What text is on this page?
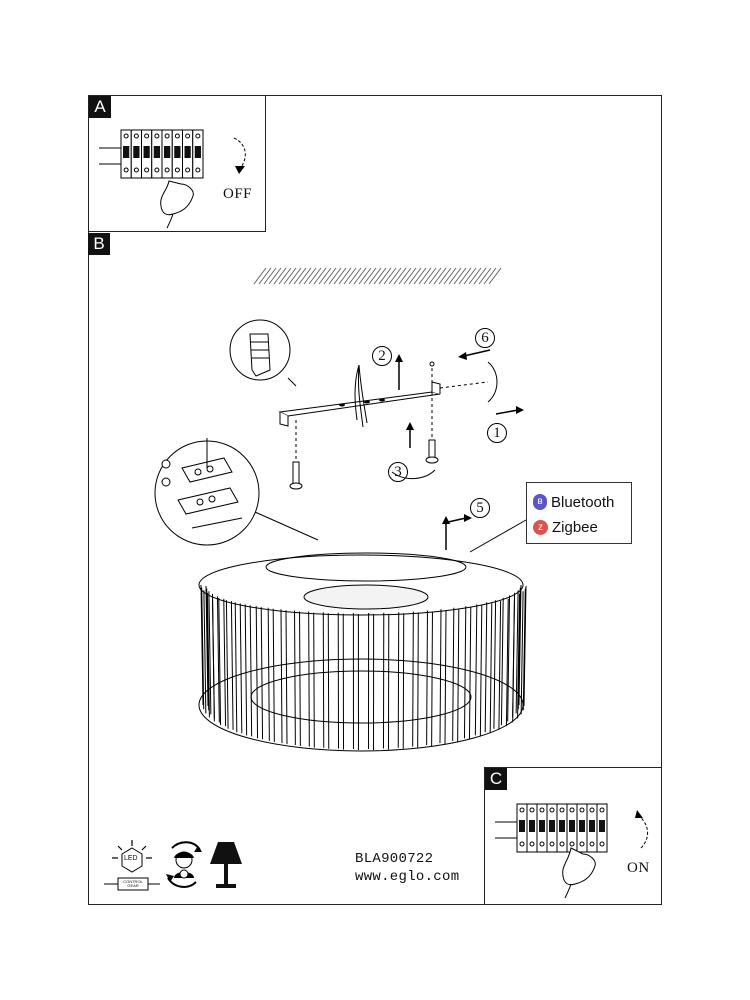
A
OFF
B
2
6
1
3
5	ʙ Bluetooth
z Zigbee
C
ON
LED
CONTROL GEAR
BLA900722
www.eglo.com
